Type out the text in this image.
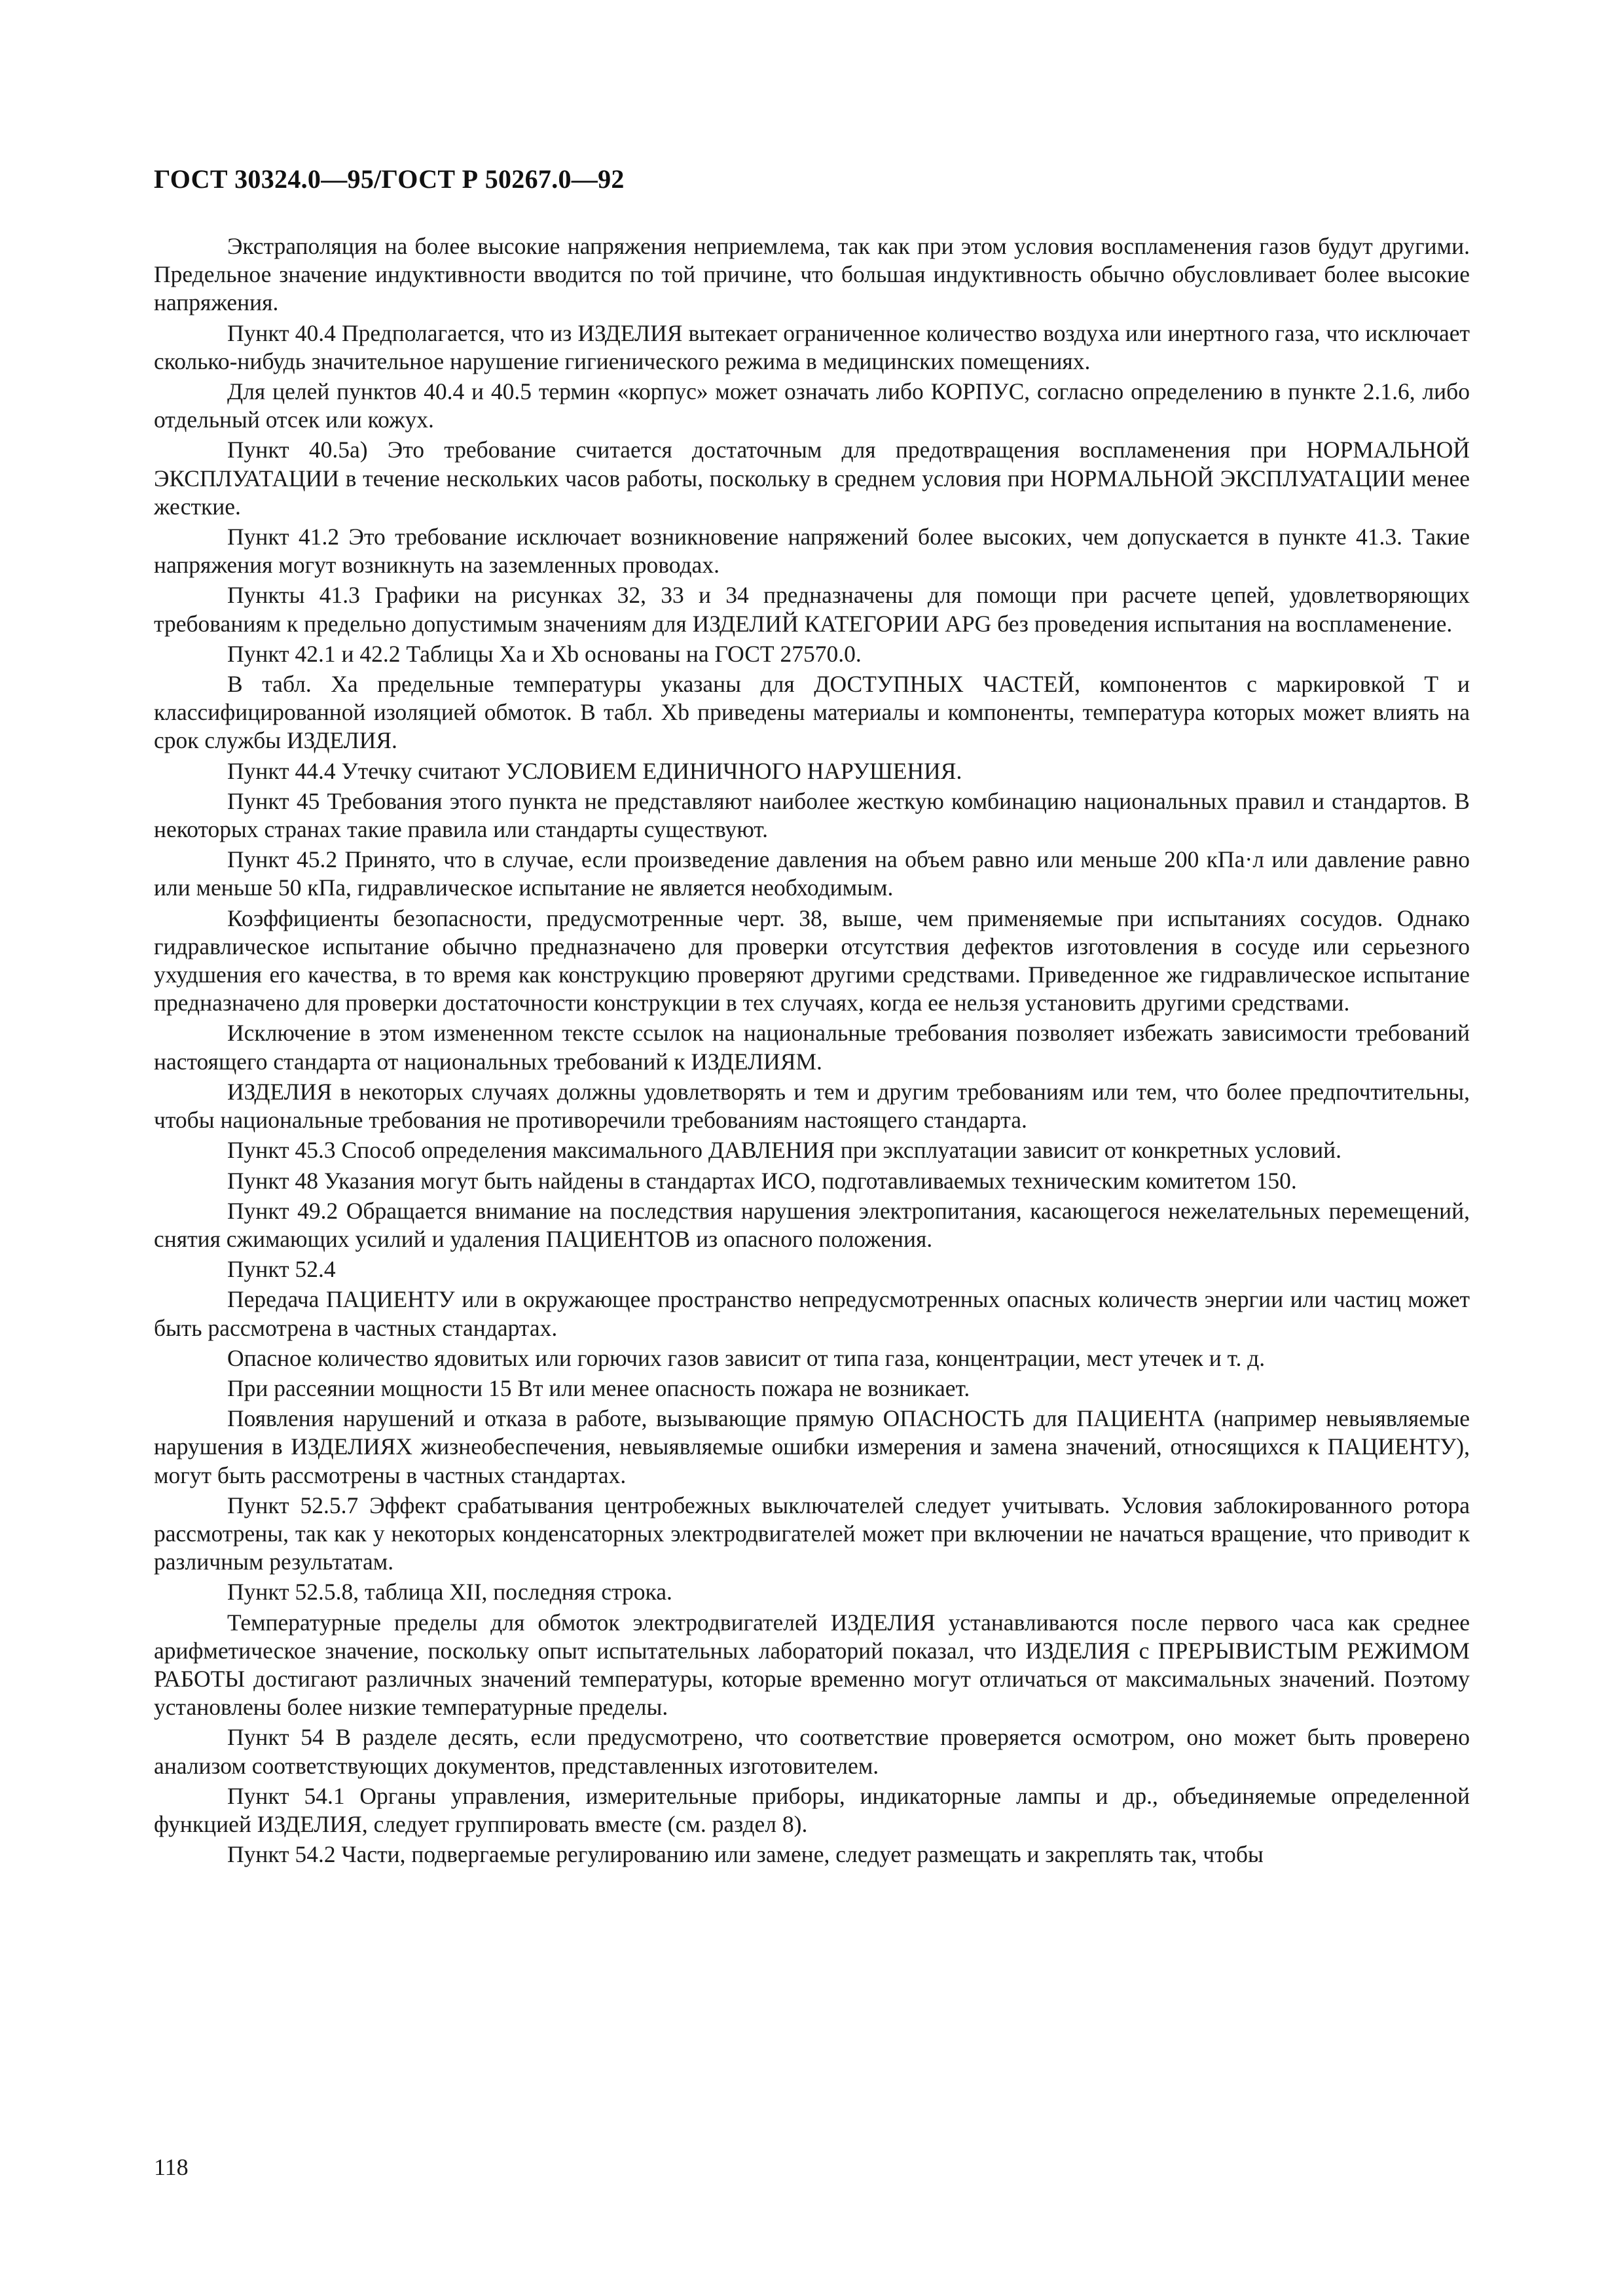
ГОСТ 30324.0—95/ГОСТ Р 50267.0—92

Экстраполяция на более высокие напряжения неприемлема, так как при этом условия воспламенения газов будут другими. Предельное значение индуктивности вводится по той причине, что большая индуктивность обычно обусловливает более высокие напряжения.

Пункт 40.4 Предполагается, что из ИЗДЕЛИЯ вытекает ограниченное количество воздуха или инертного газа, что исключает сколько-нибудь значительное нарушение гигиенического режима в медицинских помещениях.

Для целей пунктов 40.4 и 40.5 термин «корпус» может означать либо КОРПУС, согласно определению в пункте 2.1.6, либо отдельный отсек или кожух.

Пункт 40.5а) Это требование считается достаточным для предотвращения воспламенения при НОРМАЛЬНОЙ ЭКСПЛУАТАЦИИ в течение нескольких часов работы, поскольку в среднем условия при НОРМАЛЬНОЙ ЭКСПЛУАТАЦИИ менее жесткие.

Пункт 41.2 Это требование исключает возникновение напряжений более высоких, чем допускается в пункте 41.3. Такие напряжения могут возникнуть на заземленных проводах.

Пункты 41.3 Графики на рисунках 32, 33 и 34 предназначены для помощи при расчете цепей, удовлетворяющих требованиям к предельно допустимым значениям для ИЗДЕЛИЙ КАТЕГОРИИ APG без проведения испытания на воспламенение.

Пункт 42.1 и 42.2 Таблицы Xa и Xb основаны на ГОСТ 27570.0.

В табл. Xa предельные температуры указаны для ДОСТУПНЫХ ЧАСТЕЙ, компонентов с маркировкой T и классифицированной изоляцией обмоток. В табл. Xb приведены материалы и компоненты, температура которых может влиять на срок службы ИЗДЕЛИЯ.

Пункт 44.4 Утечку считают УСЛОВИЕМ ЕДИНИЧНОГО НАРУШЕНИЯ.

Пункт 45 Требования этого пункта не представляют наиболее жесткую комбинацию национальных правил и стандартов. В некоторых странах такие правила или стандарты существуют.

Пункт 45.2 Принято, что в случае, если произведение давления на объем равно или меньше 200 кПа·л или давление равно или меньше 50 кПа, гидравлическое испытание не является необходимым.

Коэффициенты безопасности, предусмотренные черт. 38, выше, чем применяемые при испытаниях сосудов. Однако гидравлическое испытание обычно предназначено для проверки отсутствия дефектов изготовления в сосуде или серьезного ухудшения его качества, в то время как конструкцию проверяют другими средствами. Приведенное же гидравлическое испытание предназначено для проверки достаточности конструкции в тех случаях, когда ее нельзя установить другими средствами.

Исключение в этом измененном тексте ссылок на национальные требования позволяет избежать зависимости требований настоящего стандарта от национальных требований к ИЗДЕЛИЯМ.

ИЗДЕЛИЯ в некоторых случаях должны удовлетворять и тем и другим требованиям или тем, что более предпочтительны, чтобы национальные требования не противоречили требованиям настоящего стандарта.

Пункт 45.3 Способ определения максимального ДАВЛЕНИЯ при эксплуатации зависит от конкретных условий.

Пункт 48 Указания могут быть найдены в стандартах ИСО, подготавливаемых техническим комитетом 150.

Пункт 49.2 Обращается внимание на последствия нарушения электропитания, касающегося нежелательных перемещений, снятия сжимающих усилий и удаления ПАЦИЕНТОВ из опасного положения.

Пункт 52.4

Передача ПАЦИЕНТУ или в окружающее пространство непредусмотренных опасных количеств энергии или частиц может быть рассмотрена в частных стандартах.

Опасное количество ядовитых или горючих газов зависит от типа газа, концентрации, мест утечек и т. д.

При рассеянии мощности 15 Вт или менее опасность пожара не возникает.

Появления нарушений и отказа в работе, вызывающие прямую ОПАСНОСТЬ для ПАЦИЕНТА (например невыявляемые нарушения в ИЗДЕЛИЯХ жизнеобеспечения, невыявляемые ошибки измерения и замена значений, относящихся к ПАЦИЕНТУ), могут быть рассмотрены в частных стандартах.

Пункт 52.5.7 Эффект срабатывания центробежных выключателей следует учитывать. Условия заблокированного ротора рассмотрены, так как у некоторых конденсаторных электродвигателей может при включении не начаться вращение, что приводит к различным результатам.

Пункт 52.5.8, таблица XII, последняя строка.

Температурные пределы для обмоток электродвигателей ИЗДЕЛИЯ устанавливаются после первого часа как среднее арифметическое значение, поскольку опыт испытательных лабораторий показал, что ИЗДЕЛИЯ с ПРЕРЫВИСТЫМ РЕЖИМОМ РАБОТЫ достигают различных значений температуры, которые временно могут отличаться от максимальных значений. Поэтому установлены более низкие температурные пределы.

Пункт 54 В разделе десять, если предусмотрено, что соответствие проверяется осмотром, оно может быть проверено анализом соответствующих документов, представленных изготовителем.

Пункт 54.1 Органы управления, измерительные приборы, индикаторные лампы и др., объединяемые определенной функцией ИЗДЕЛИЯ, следует группировать вместе (см. раздел 8).

Пункт 54.2 Части, подвергаемые регулированию или замене, следует размещать и закреплять так, чтобы

118
